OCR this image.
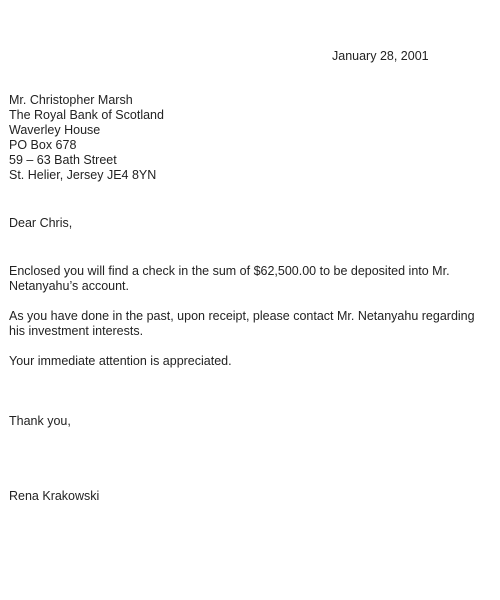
January 28, 2001
Mr. Christopher Marsh
The Royal Bank of Scotland
Waverley House
PO Box 678
59 – 63 Bath Street
St. Helier, Jersey JE4 8YN
Dear Chris,
Enclosed you will find a check in the sum of $62,500.00 to be deposited into Mr. Netanyahu’s account.
As you have done in the past, upon receipt, please contact Mr. Netanyahu regarding his investment interests.
Your immediate attention is appreciated.
Thank you,
Rena Krakowski
